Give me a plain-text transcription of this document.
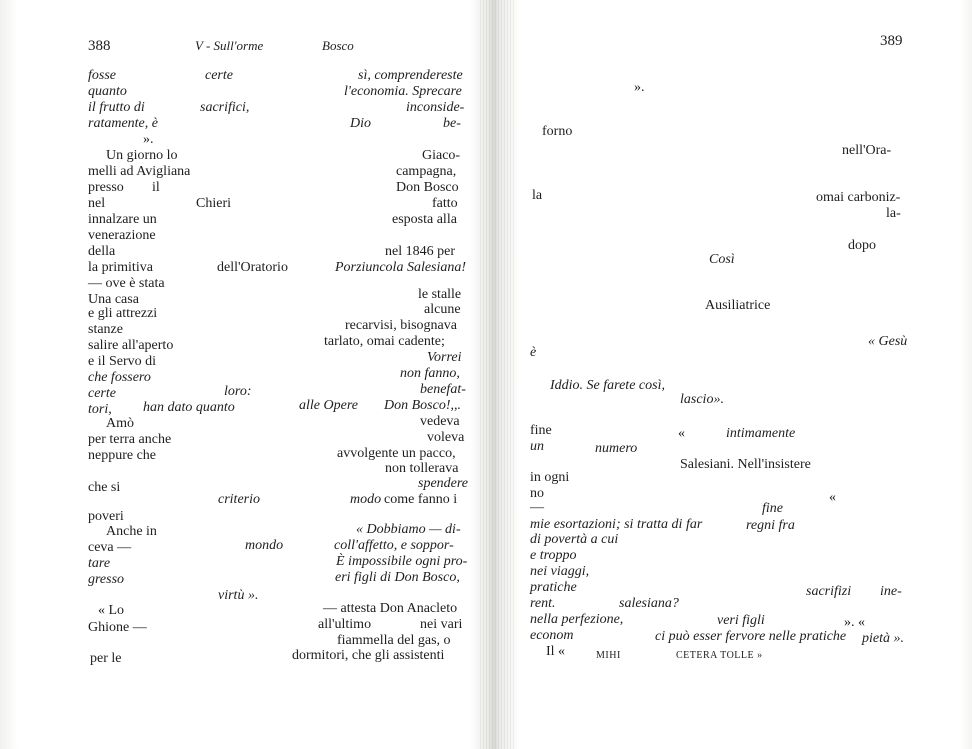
388	V - Sull'orme	Bosco
fosse	certe	sì, comprendereste
quanto	l'economia. Sprecare
il frutto di	sacrifici,	inconside-
ratamente, è	Dio	be-
».
Un giorno lo	Giaco-
melli ad Avigliana	campagna,
presso il	Don Bosco
nel	Chieri	fatto
innalzare un	esposta alla
venerazione
della	nel 1846 per
la primitiva	dell'Oratorio	Porziuncola Salesiana!
— ove è stata
Una casa	le stalle
e gli attrezzi	alcune
stanze	recarvisi, bisognava
salire all'aperto	tarlato, omai cadente;
e il Servo di	Vorrei
che fossero	non fanno,
certe	loro:	benefat-
tori, han dato quanto	alle Opere Don Bosco!,,.
Amò	vedeva
per terra anche	voleva
neppure che	avvolgente un pacco,
non tollerava
che si	spendere
criterio	modo come fanno i
poveri
Anche in	« Dobbiamo — di-
ceva —	mondo	coll'affetto, e soppor-
tare	È impossibile ogni pro-
gresso	eri figli di Don Bosco,
virtù ».
« Lo	— attesta Don Anacleto
Ghione —	all'ultimo	nei vari
fiammella del gas, o
per le	dormitori, che gli assistenti
389
».
forno
nell'Ora-
la	omai carboniz-
la-
dopo
Così
Ausiliatrice
« Gesù
è
Iddio. Se farete così,
lascio».
fine	«	intimamente
un	numero
Salesiani. Nell'insistere
in ogni
no	«
—	fine
mie esortazioni; si tratta di far	regni fra
di povertà a cui
e troppo
nei viaggi,
pratiche	sacrifizi ine-
rent.	salesiana?
nella perfezione,	veri figli	». «
econom	ci può esser fervore nelle pratiche pietà ».
Il «	MIHI	CETERA TOLLE »
